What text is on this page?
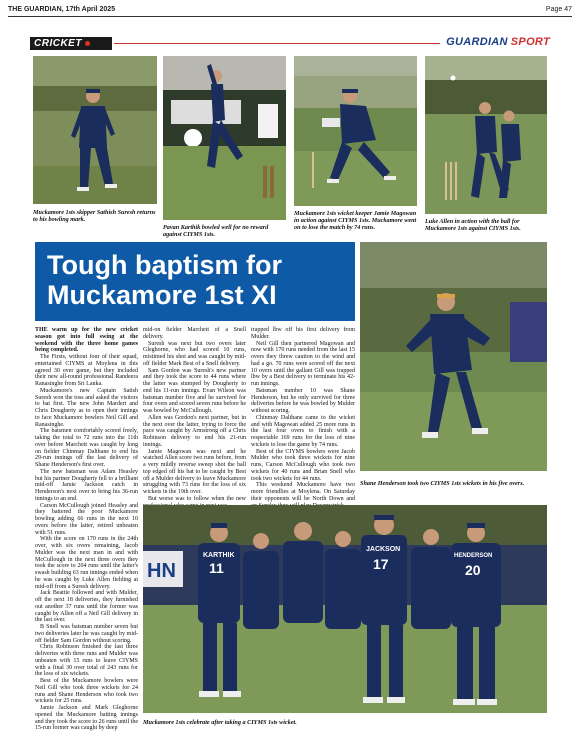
THE GUARDIAN, 17th April 2025	Page 47
CRICKET	GUARDIAN SPORT
Muckamore 1sts skipper Sathish Suresh returns to his bowling mark.
Pavan Karthik bowled well for no reward against CIYMS 1sts.
Muckamore 1sts wicket keeper Jamie Magowan in action against CIYMS 1sts. Muckamore went on to lose the match by 74 runs.
Luke Allen in action with the ball for Muckamore 1sts against CIYMS 1sts.
Tough baptism for Muckamore 1st XI
Shane Henderson took two CIYMS 1sts wickets in his five overs.

THE warm up for the new cricket season got into full swing at the weekend with the three home games being completed.

The Firsts, without four of their squad, entertained CIYMS at Moylena in this agreed 30 over game, but they included their new all-round professional Randeera Ranasinghe from Sri Lanka.

Muckamore's new Captain Satish Suresh won the toss and asked the visitors to bat first. The new John Mardert and Chris Dougherty as to open their innings to face Muckamore bowlers Neil Gill and Ranasinghe.

The batsmen comfortably scored freely, taking the total to 72 runs into the 11th over before Marchett was caught by long on fielder Chinmay Dalthane to end his 29-run innings off the last delivery of Shane Henderson's first over.

The new batsman was Adam Heasley but his partner Dougherty fell to a brilliant mid-off Jamie Jackson catch in Henderson's next over to bring his 36-run innings to an end.

Carson McCullough joined Heasley and they battered the poor Muckamore bowling adding 66 runs in the next 10 overs before the latter, retired unbeaten with 51 runs.

With the score on 170 runs in the 24th over, with six overs remaining, Jacob Mulder was the next man in and with McCullough in the next three overs they took the score to 204 runs until the latter's swash building 63 run innings ended when he was caught by Luke Allen fielding at mid-off from a Suresh delivery.

Jack Beattie followed and with Mulder, off the next 18 deliveries, they furnished out another 37 runs until the former was caught by Allen off a Neil Gill delivery in the last over.

B Snell was batsman number seven but two deliveries later he was caught by mid-off fielder Sam Gordon without scoring.

Chris Robinson finished the last three deliveries with three runs and Mulder was unbeaten with 15 runs to leave CIYMS with a final 30 over total of 243 runs for the loss of six wickets.

Best of the Muckamore bowlers were Neil Gill who took three wickets for 24 runs and Shane Henderson who took two wickets for 25 runs.

Jamie Jackson and Mark Gleghorne opened the Muckamore batting innings and they took the score to 26 runs until the 15-run former was caught by deep

mid-on fielder Marchett of a Snell delivery.

Suresh was next but two overs later Gleghorne, who had scored 10 runs, mistimed his shot and was caught by mid-off fielder Mark Best of a Snell delivery.

Sam Gordon was Suresh's new partner and they took the score to 44 runs where the latter was stumped by Dougherty to end his 11-run innings. Evan Wilson was batsman number five and he survived for four overs and scored seven runs before he was bowled by McCullough.

Allen was Gordon's next partner, but in the next over the latter, trying to force the pace was caught by Armstrong off a Chris Robinson delivery to end his 21-run innings.

Jamie Magowan was next and he watched Allen score two runs before, from a very mildly reverse sweep shot the ball top edged off his bat to be caught by Best off a Mulder delivery to leave Muckamore struggling with 73 runs for the loss of six wickets in the 19th over.

But worse was to follow when the new

trapped lbw off his first delivery from Mulder.

Neil Gill then partnered Magowan and now with 170 runs needed from the last 15 overs they threw caution to the wind and had a go. 70 runs were scored off the next 10 overs until the gallant Gill was trapped lbw by a Best delivery to terminate his 42-run innings.

Batsman number 10 was Shane Henderson, but he only survived for three deliveries before he was bowled by Mulder without scoring.

Chinmay Dalthane came to the wicket and with Magowan added 25 more runs in the last four overs to finish with a respectable 169 runs for the loss of nine wickets to lose the game by 74 runs.

Best of the CIYMS bowlers were Jacob Mulder who took three wickets for nine runs, Carson McCullough who took two wickets for 40 runs and Brian Snell who took two wickets for 44 runs.

This weekend Muckamore have two more friendlies at Moylena. On Saturday their opponents will be North Down and

HN
KARTHIK
11
JACKSON
17	HENDERSON
20
Muckamore 1sts celebrate after taking a CIYMS 1sts wicket.
